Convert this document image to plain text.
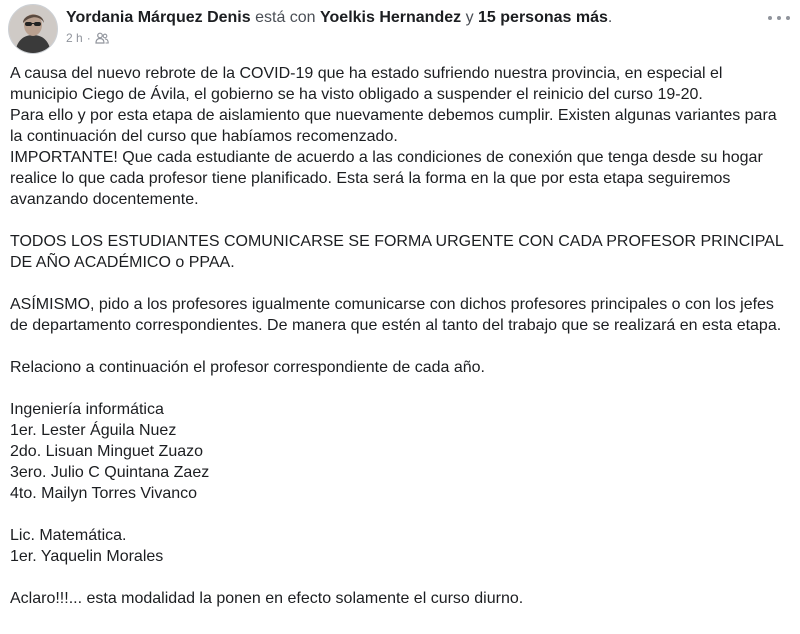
Yordania Márquez Denis está con Yoelkis Hernandez y 15 personas más.
2 h ·

A causa del nuevo rebrote de la COVID-19 que ha estado sufriendo nuestra provincia, en especial el municipio Ciego de Ávila, el gobierno se ha visto obligado a suspender el reinicio del curso 19-20.

Para ello y por esta etapa de aislamiento que nuevamente debemos cumplir. Existen algunas variantes para la continuación del curso que habíamos recomenzado.

IMPORTANTE! Que cada estudiante de acuerdo a las condiciones de conexión que tenga desde su hogar realice lo que cada profesor tiene planificado. Esta será la forma en la que por esta etapa seguiremos avanzando docentemente.

TODOS LOS ESTUDIANTES COMUNICARSE SE FORMA URGENTE CON CADA PROFESOR PRINCIPAL DE AÑO ACADÉMICO o PPAA.

ASÍMISMO, pido a los profesores igualmente comunicarse con dichos profesores principales o con los jefes de departamento correspondientes. De manera que estén al tanto del trabajo que se realizará en esta etapa.

Relaciono a continuación el profesor correspondiente de cada año.

Ingeniería informática

1er. Lester Águila Nuez

2do. Lisuan Minguet Zuazo

3ero. Julio C Quintana Zaez

4to. Mailyn Torres Vivanco

Lic. Matemática.

1er. Yaquelin Morales

Aclaro!!!... esta modalidad la ponen en efecto solamente el curso diurno.
